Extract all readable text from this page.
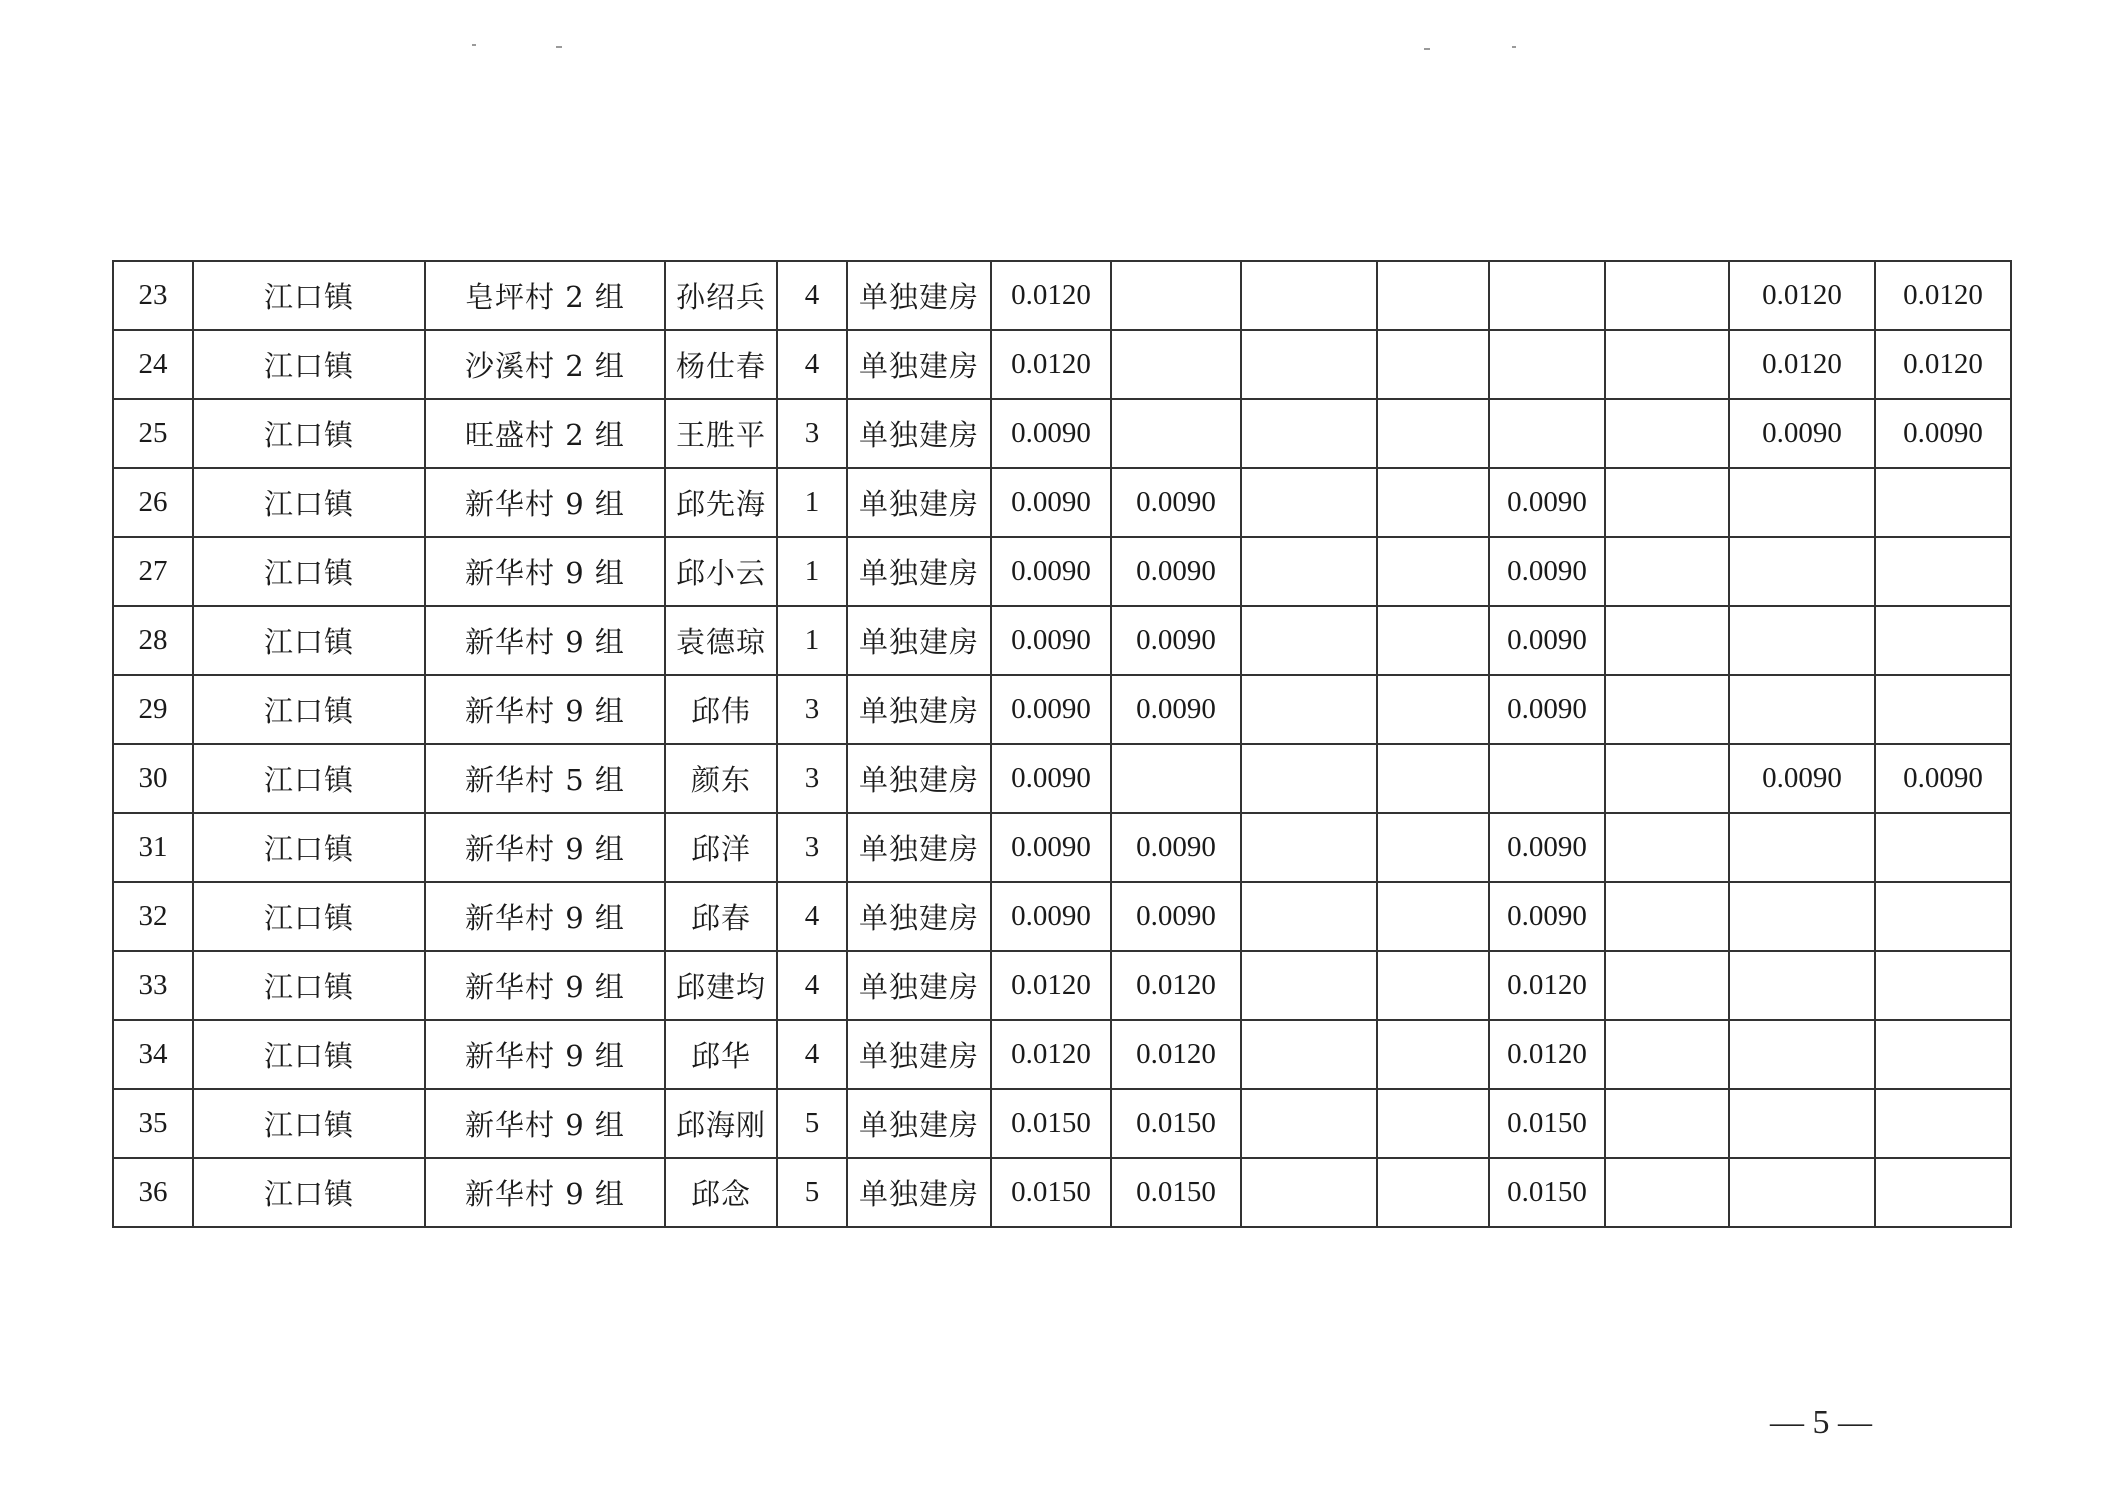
23	江口镇	皂坪村 2 组	孙绍兵	4	单独建房	0.0120						0.0120	0.0120
24	江口镇	沙溪村 2 组	杨仕春	4	单独建房	0.0120						0.0120	0.0120
25	江口镇	旺盛村 2 组	王胜平	3	单独建房	0.0090						0.0090	0.0090
26	江口镇	新华村 9 组	邱先海	1	单独建房	0.0090	0.0090			0.0090			
27	江口镇	新华村 9 组	邱小云	1	单独建房	0.0090	0.0090			0.0090			
28	江口镇	新华村 9 组	袁德琼	1	单独建房	0.0090	0.0090			0.0090			
29	江口镇	新华村 9 组	邱伟	3	单独建房	0.0090	0.0090			0.0090			
30	江口镇	新华村 5 组	颜东	3	单独建房	0.0090						0.0090	0.0090
31	江口镇	新华村 9 组	邱洋	3	单独建房	0.0090	0.0090			0.0090			
32	江口镇	新华村 9 组	邱春	4	单独建房	0.0090	0.0090			0.0090			
33	江口镇	新华村 9 组	邱建均	4	单独建房	0.0120	0.0120			0.0120			
34	江口镇	新华村 9 组	邱华	4	单独建房	0.0120	0.0120			0.0120			
35	江口镇	新华村 9 组	邱海刚	5	单独建房	0.0150	0.0150			0.0150			
36	江口镇	新华村 9 组	邱念	5	单独建房	0.0150	0.0150			0.0150			
— 5 —
